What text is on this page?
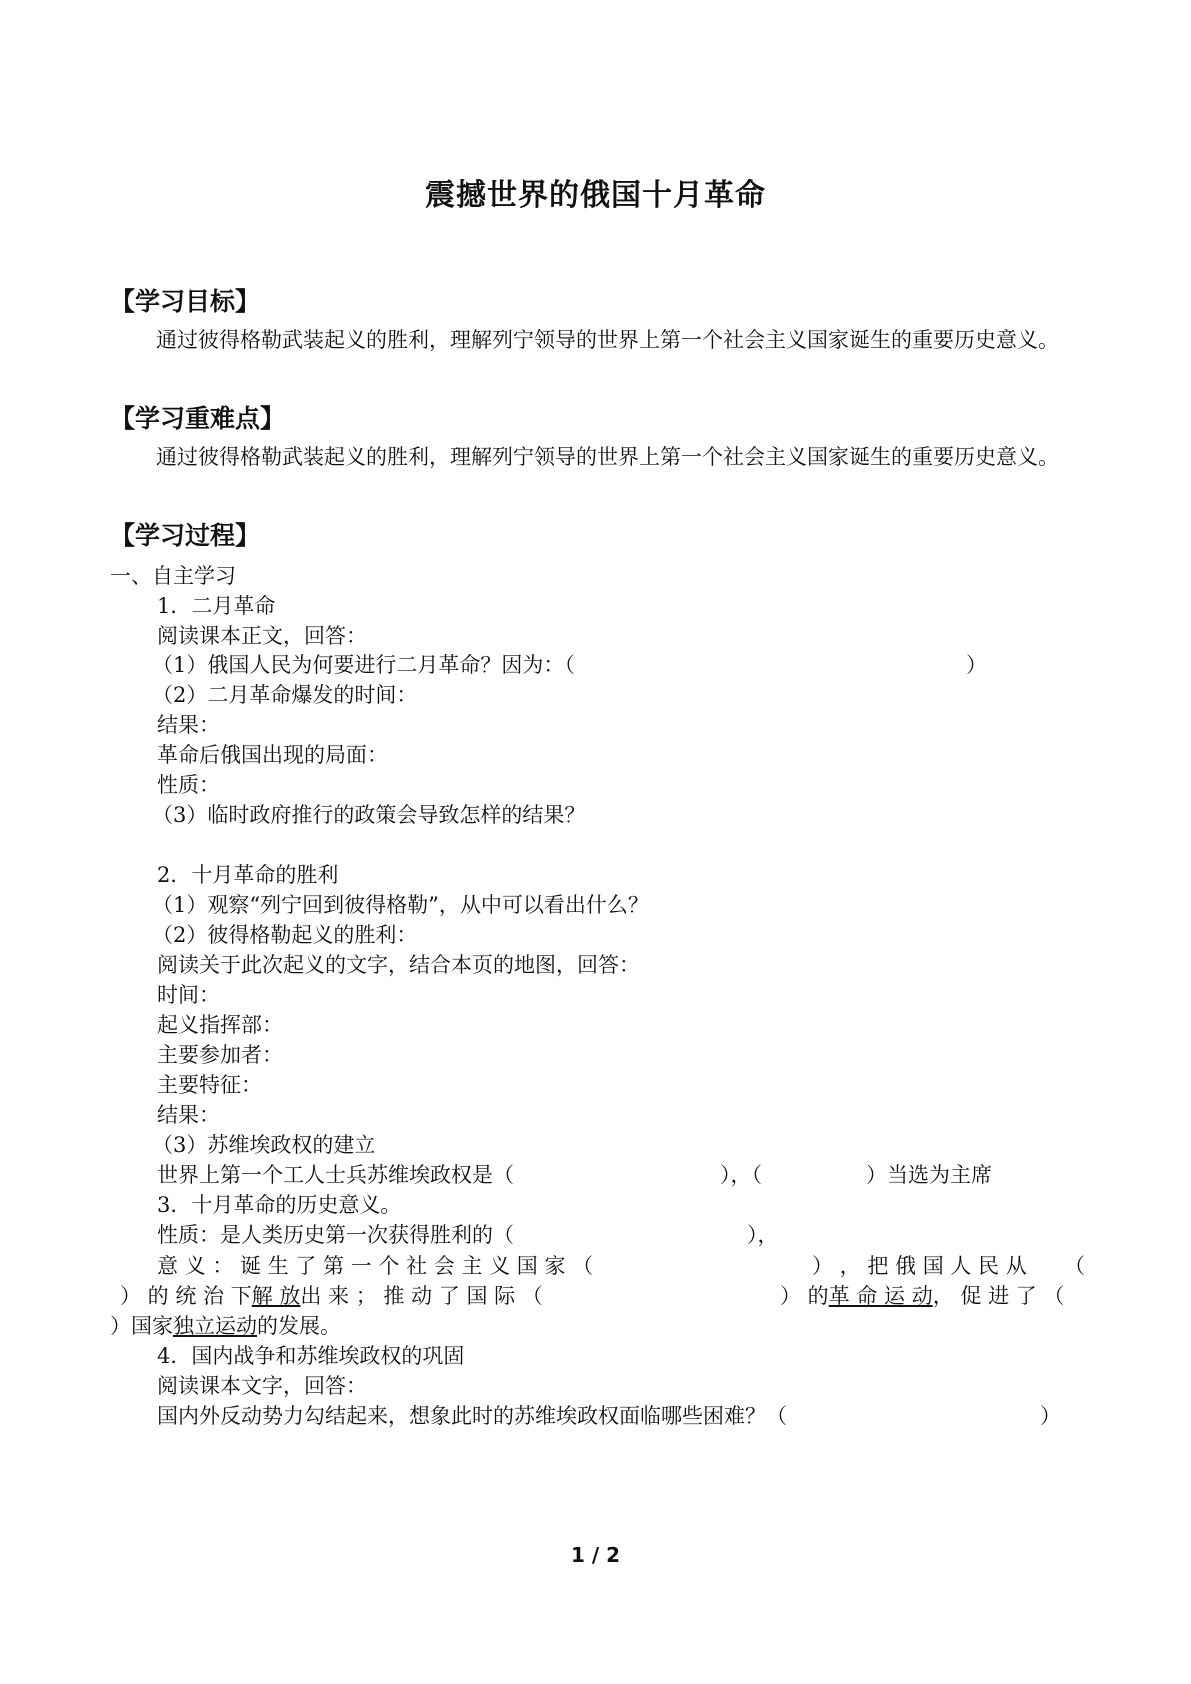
震撼世界的俄国十月革命
【学习目标】
通过彼得格勒武装起义的胜利，理解列宁领导的世界上第一个社会主义国家诞生的重要历史意义。
【学习重难点】
通过彼得格勒武装起义的胜利，理解列宁领导的世界上第一个社会主义国家诞生的重要历史意义。
【学习过程】
一、自主学习
1．二月革命
阅读课本正文，回答：
（1）俄国人民为何要进行二月革命？因为：（	）
（2）二月革命爆发的时间：
结果：
革命后俄国出现的局面：
性质：
（3）临时政府推行的政策会导致怎样的结果？
2．十月革命的胜利
（1）观察“列宁回到彼得格勒”，从中可以看出什么？
（2）彼得格勒起义的胜利：
阅读关于此次起义的文字，结合本页的地图，回答：
时间：
起义指挥部：
主要参加者：
主要特征：
结果：
（3）苏维埃政权的建立
世界上第一个工人士兵苏维埃政权是（	），（	）当选为主席
3．十月革命的历史意义。
性质：是人类历史第一次获得胜利的（	），
意 义 ： 诞 生 了 第 一 个 社 会 主 义 国 家 （	） ， 把 俄 国 人 民 从 （
） 的 统 治 下解 放出 来 ； 推 动 了 国 际 （	） 的革 命 运 动， 促 进 了 （
）国家独立运动的发展。
4．国内战争和苏维埃政权的巩固
阅读课本文字，回答：
国内外反动势力勾结起来，想象此时的苏维埃政权面临哪些困难？（	）
1 / 2
